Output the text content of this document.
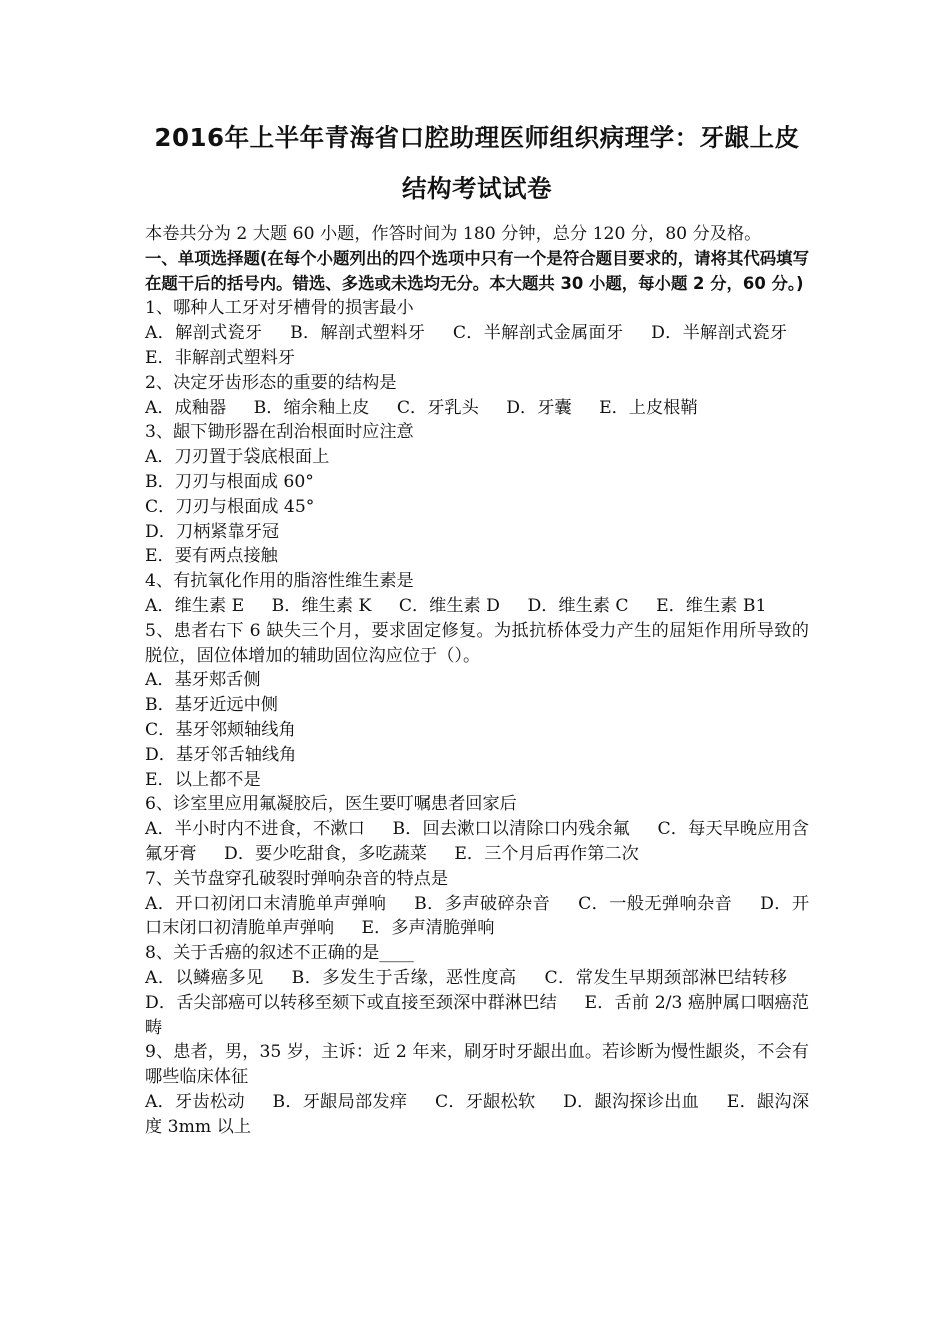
2016年上半年青海省口腔助理医师组织病理学：牙龈上皮
结构考试试卷

本卷共分为 2 大题 60 小题，作答时间为 180 分钟，总分 120 分，80 分及格。

一、单项选择题(在每个小题列出的四个选项中只有一个是符合题目要求的，请将其代码填写在题干后的括号内。错选、多选或未选均无分。本大题共 30 小题，每小题 2 分，60 分。)

1、哪种人工牙对牙槽骨的损害最小

A．解剖式瓷牙 B．解剖式塑料牙 C．半解剖式金属面牙 D．半解剖式瓷牙 E．非解剖式塑料牙

2、决定牙齿形态的重要的结构是

A．成釉器 B．缩余釉上皮 C．牙乳头 D．牙囊 E．上皮根鞘

3、龈下锄形器在刮治根面时应注意

A．刀刃置于袋底根面上

B．刀刃与根面成 60°

C．刀刃与根面成 45°

D．刀柄紧靠牙冠

E．要有两点接触

4、有抗氧化作用的脂溶性维生素是

A．维生素 E B．维生素 K C．维生素 D D．维生素 C E．维生素 B1

5、患者右下 6 缺失三个月，要求固定修复。为抵抗桥体受力产生的屈矩作用所导致的脱位，固位体增加的辅助固位沟应位于（）。

A．基牙郏舌侧

B．基牙近远中侧

C．基牙邻颊轴线角

D．基牙邻舌轴线角

E．以上都不是

6、诊室里应用氟凝胶后，医生要叮嘱患者回家后

A．半小时内不进食，不漱口 B．回去漱口以清除口内残余氟 C．每天早晚应用含氟牙膏 D．要少吃甜食，多吃蔬菜 E．三个月后再作第二次

7、关节盘穿孔破裂时弹响杂音的特点是

A．开口初闭口末清脆单声弹响 B．多声破碎杂音 C．一般无弹响杂音 D．开口末闭口初清脆单声弹响 E．多声清脆弹响

8、关于舌癌的叙述不正确的是____

A．以鳞癌多见 B．多发生于舌缘，恶性度高 C．常发生早期颈部淋巴结转移 D．舌尖部癌可以转移至颏下或直接至颈深中群淋巴结 E．舌前 2/3 癌肿属口咽癌范畴

9、患者，男，35 岁，主诉：近 2 年来，刷牙时牙龈出血。若诊断为慢性龈炎，不会有哪些临床体征

A．牙齿松动 B．牙龈局部发痒 C．牙龈松软 D．龈沟探诊出血 E．龈沟深度 3mm 以上
